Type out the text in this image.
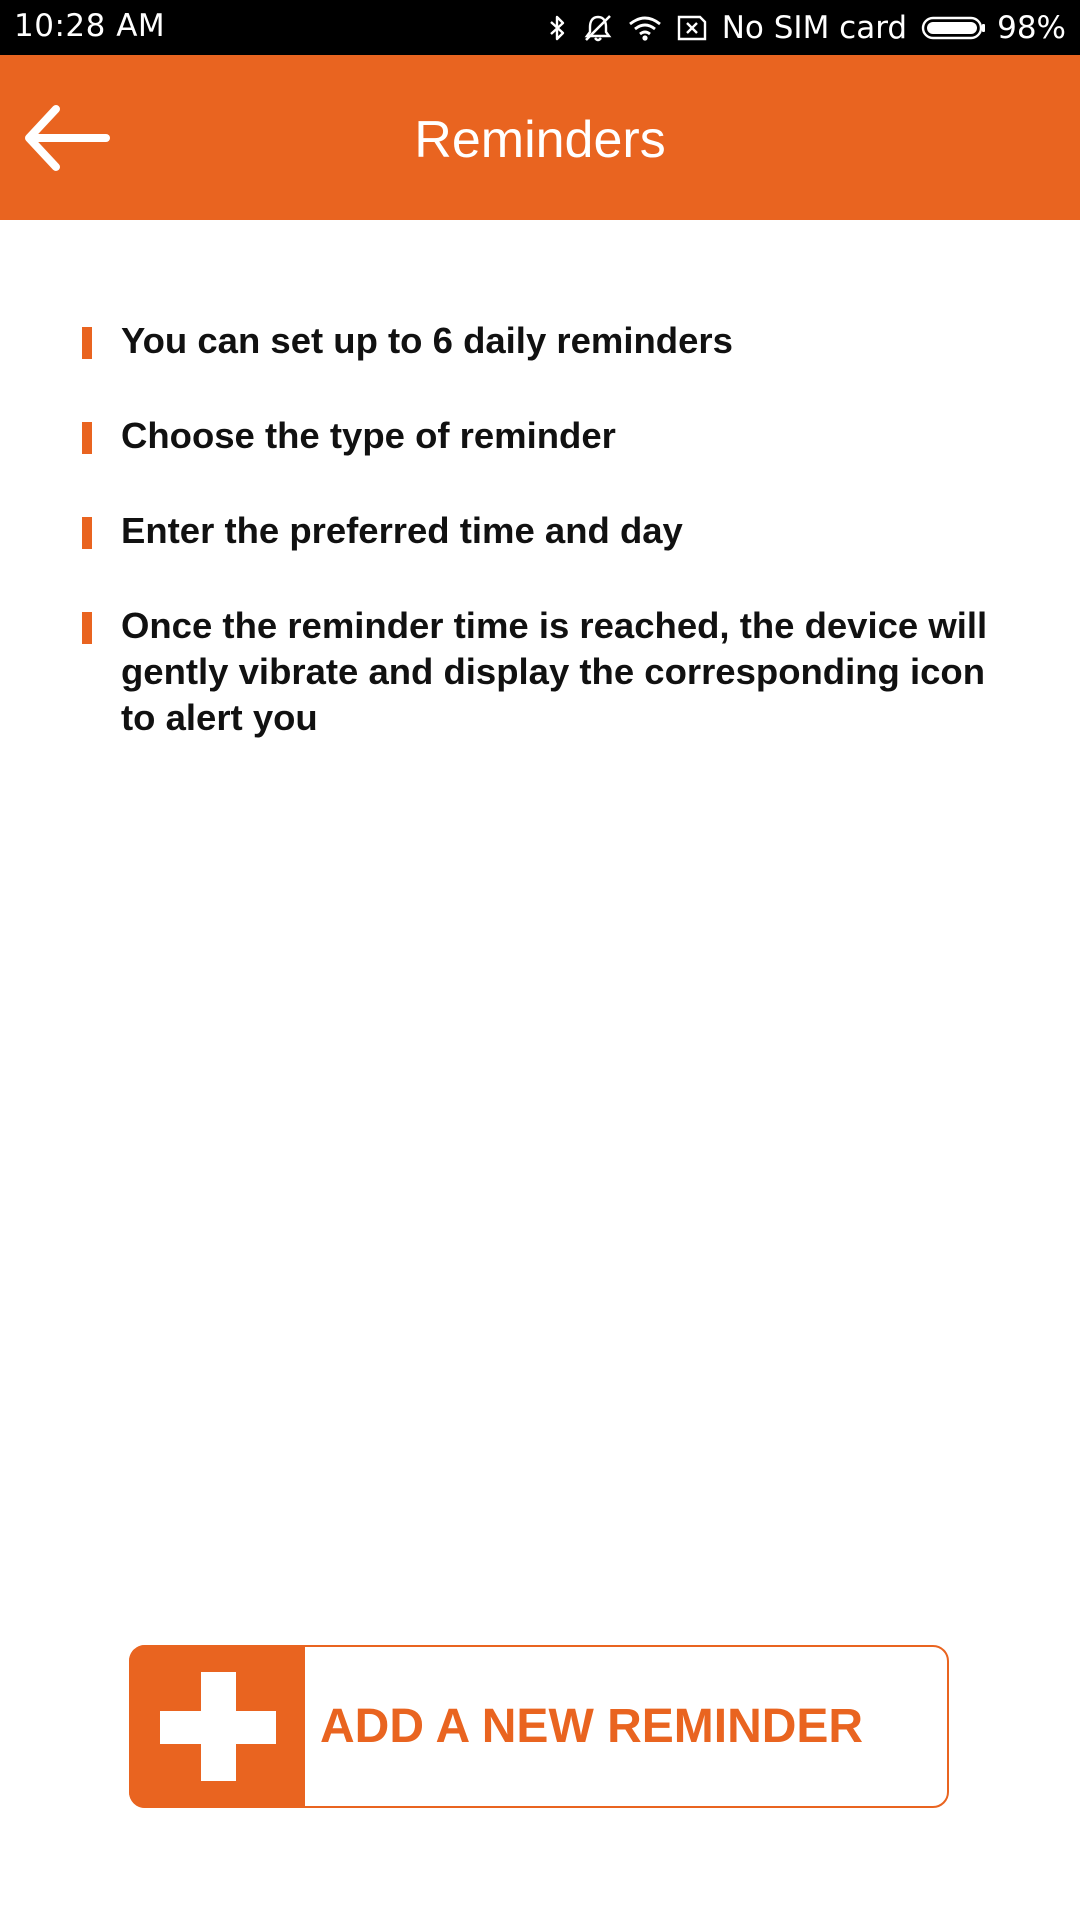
10:28 AM	No SIM card	98%
Reminders
You can set up to 6 daily reminders
Choose the type of reminder
Enter the preferred time and day
Once the reminder time is reached, the device will gently vibrate and display the corresponding icon to alert you
ADD A NEW REMINDER
